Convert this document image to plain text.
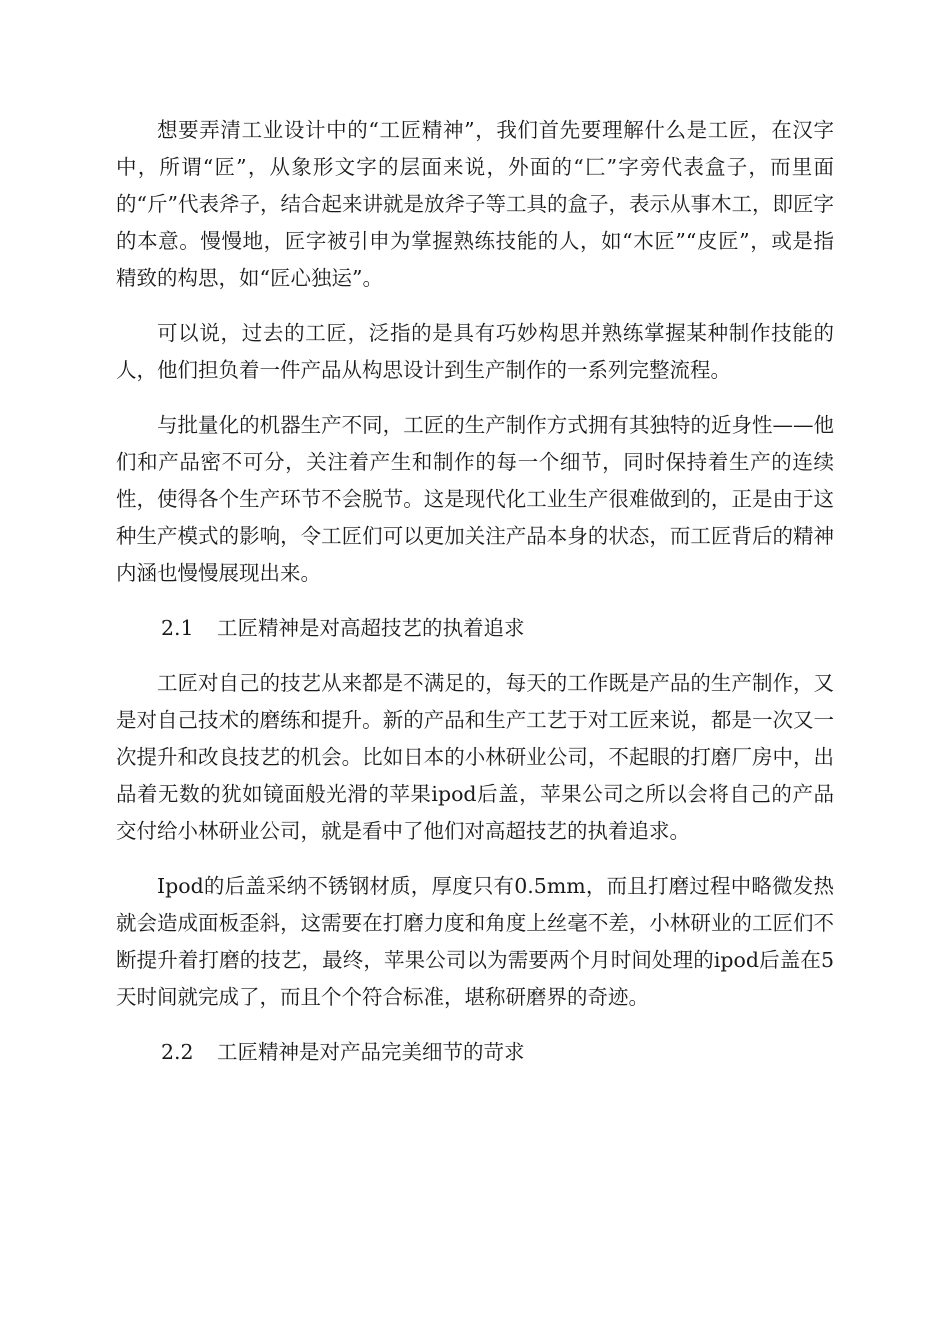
想要弄清工业设计中的“工匠精神”，我们首先要理解什么是工匠，在汉字中，所谓“匠”，从象形文字的层面来说，外面的“匚”字旁代表盒子，而里面的“斤”代表斧子，结合起来讲就是放斧子等工具的盒子，表示从事木工，即匠字的本意。慢慢地，匠字被引申为掌握熟练技能的人，如“木匠”“皮匠”，或是指精致的构思，如“匠心独运”。

可以说，过去的工匠，泛指的是具有巧妙构思并熟练掌握某种制作技能的人，他们担负着一件产品从构思设计到生产制作的一系列完整流程。

与批量化的机器生产不同，工匠的生产制作方式拥有其独特的近身性——他们和产品密不可分，关注着产生和制作的每一个细节，同时保持着生产的连续性，使得各个生产环节不会脱节。这是现代化工业生产很难做到的，正是由于这种生产模式的影响，令工匠们可以更加关注产品本身的状态，而工匠背后的精神内涵也慢慢展现出来。

2.1 工匠精神是对高超技艺的执着追求

工匠对自己的技艺从来都是不满足的，每天的工作既是产品的生产制作，又是对自己技术的磨练和提升。新的产品和生产工艺于对工匠来说，都是一次又一次提升和改良技艺的机会。比如日本的小林研业公司，不起眼的打磨厂房中，出品着无数的犹如镜面般光滑的苹果ipod后盖，苹果公司之所以会将自己的产品交付给小林研业公司，就是看中了他们对高超技艺的执着追求。

Ipod的后盖采纳不锈钢材质，厚度只有0.5mm，而且打磨过程中略微发热就会造成面板歪斜，这需要在打磨力度和角度上丝毫不差，小林研业的工匠们不断提升着打磨的技艺，最终，苹果公司以为需要两个月时间处理的ipod后盖在5天时间就完成了，而且个个符合标准，堪称研磨界的奇迹。

2.2 工匠精神是对产品完美细节的苛求
